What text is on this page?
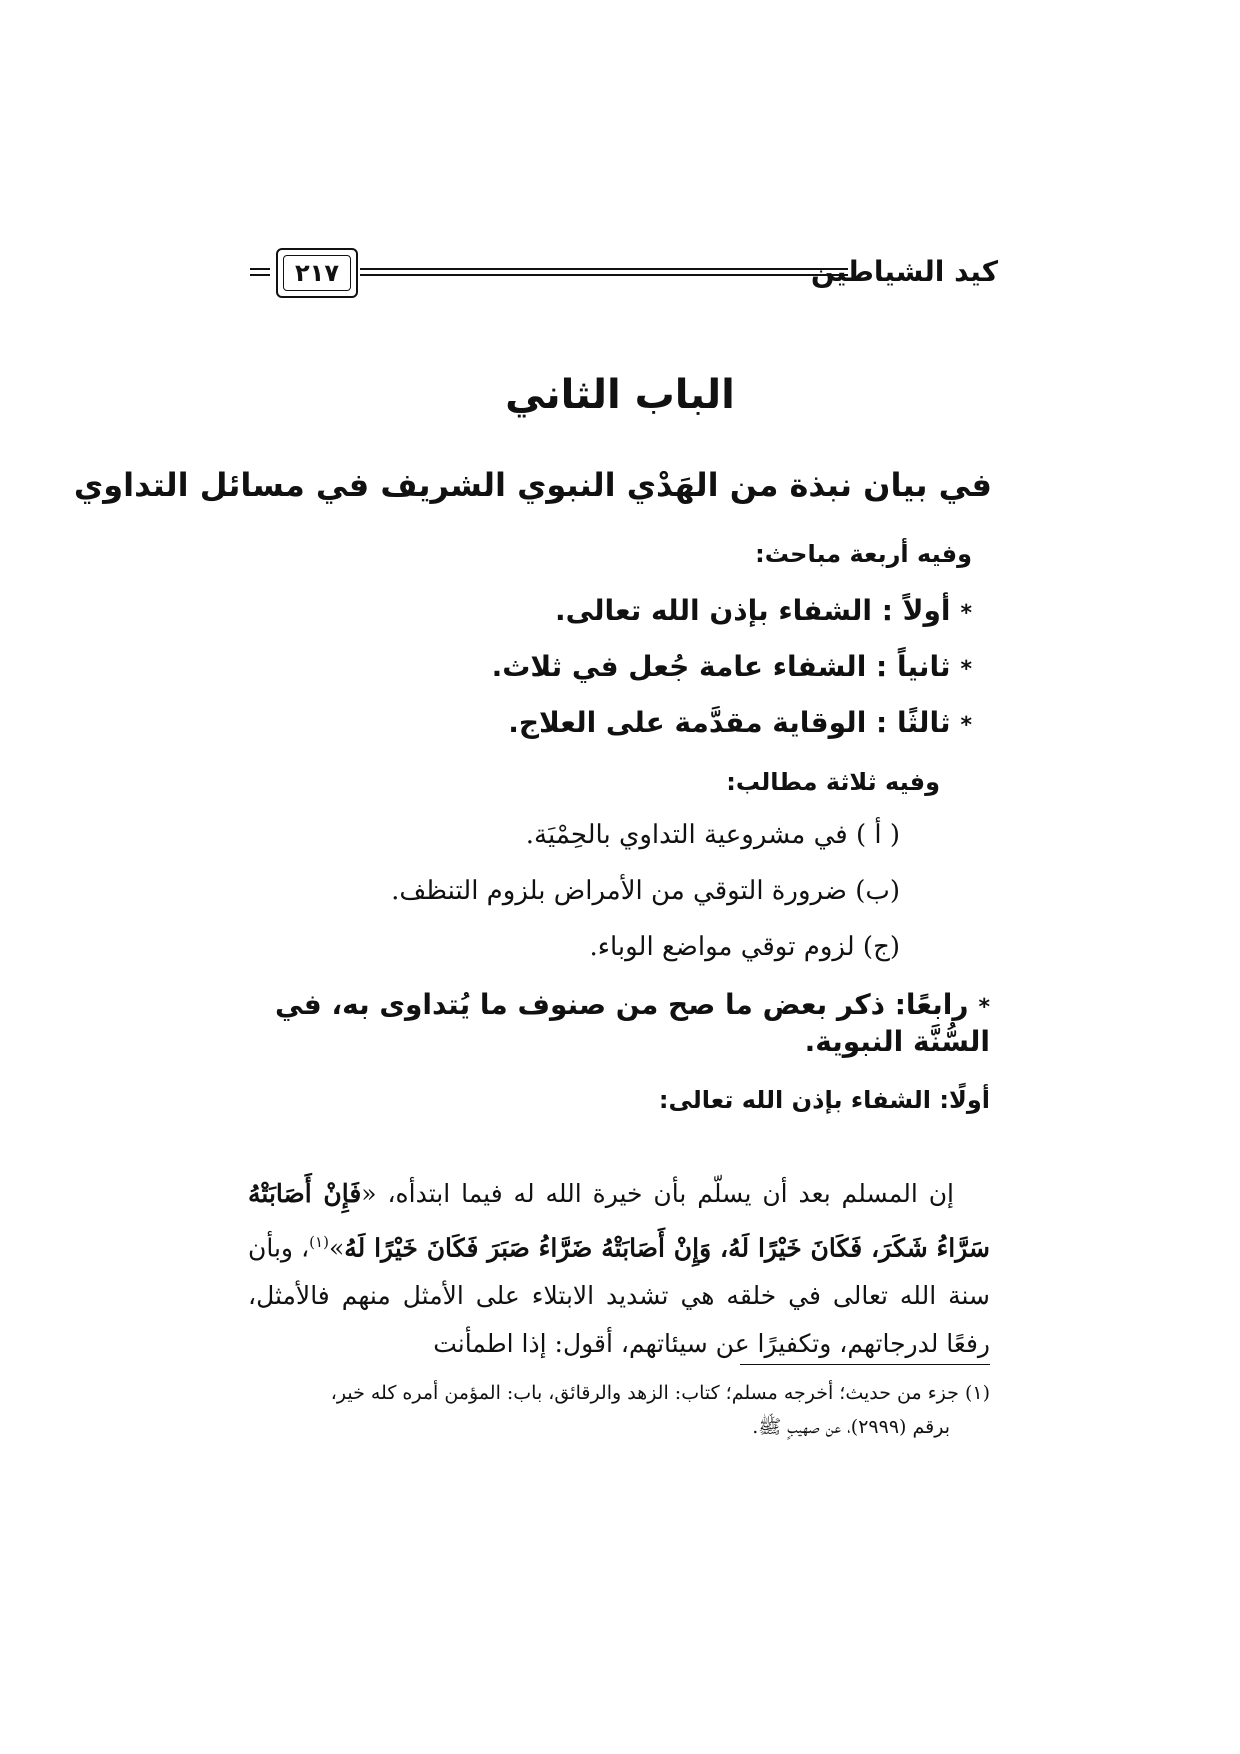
٢١٧	كيد الشياطين
الباب الثاني
في بيان نبذة من الهَدْي النبوي الشريف في مسائل التداوي
وفيه أربعة مباحث:
*أولاً : الشفاء بإذن الله تعالى.
*ثانياً : الشفاء عامة جُعل في ثلاث.
*ثالثًا : الوقاية مقدَّمة على العلاج.
وفيه ثلاثة مطالب:
( أ ) في مشروعية التداوي بالحِمْيَة.
(ب) ضرورة التوقي من الأمراض بلزوم التنظف.
(ج) لزوم توقي مواضع الوباء.
*رابعًا: ذكر بعض ما صح من صنوف ما يُتداوى به، في السُّنَّة النبوية.
أولًا: الشفاء بإذن الله تعالى:
إن المسلم بعد أن يسلّم بأن خيرة الله له فيما ابتدأه، «فَإِنْ أَصَابَتْهُ سَرَّاءُ شَكَرَ، فَكَانَ خَيْرًا لَهُ، وَإِنْ أَصَابَتْهُ ضَرَّاءُ صَبَرَ فَكَانَ خَيْرًا لَهُ»$^{(١)}$، وبأن سنة الله تعالى في خلقه هي تشديد الابتلاء على الأمثل منهم فالأمثل، رفعًا لدرجاتهم، وتكفيرًا عن سيئاتهم، أقول: إذا اطمأنت
(١) جزء من حديث؛ أخرجه مسلم؛ كتاب: الزهد والرقائق، باب: المؤمن أمره كله خير،
برقم (٢٩٩٩)، عن صهيبٍ ﷺ.
